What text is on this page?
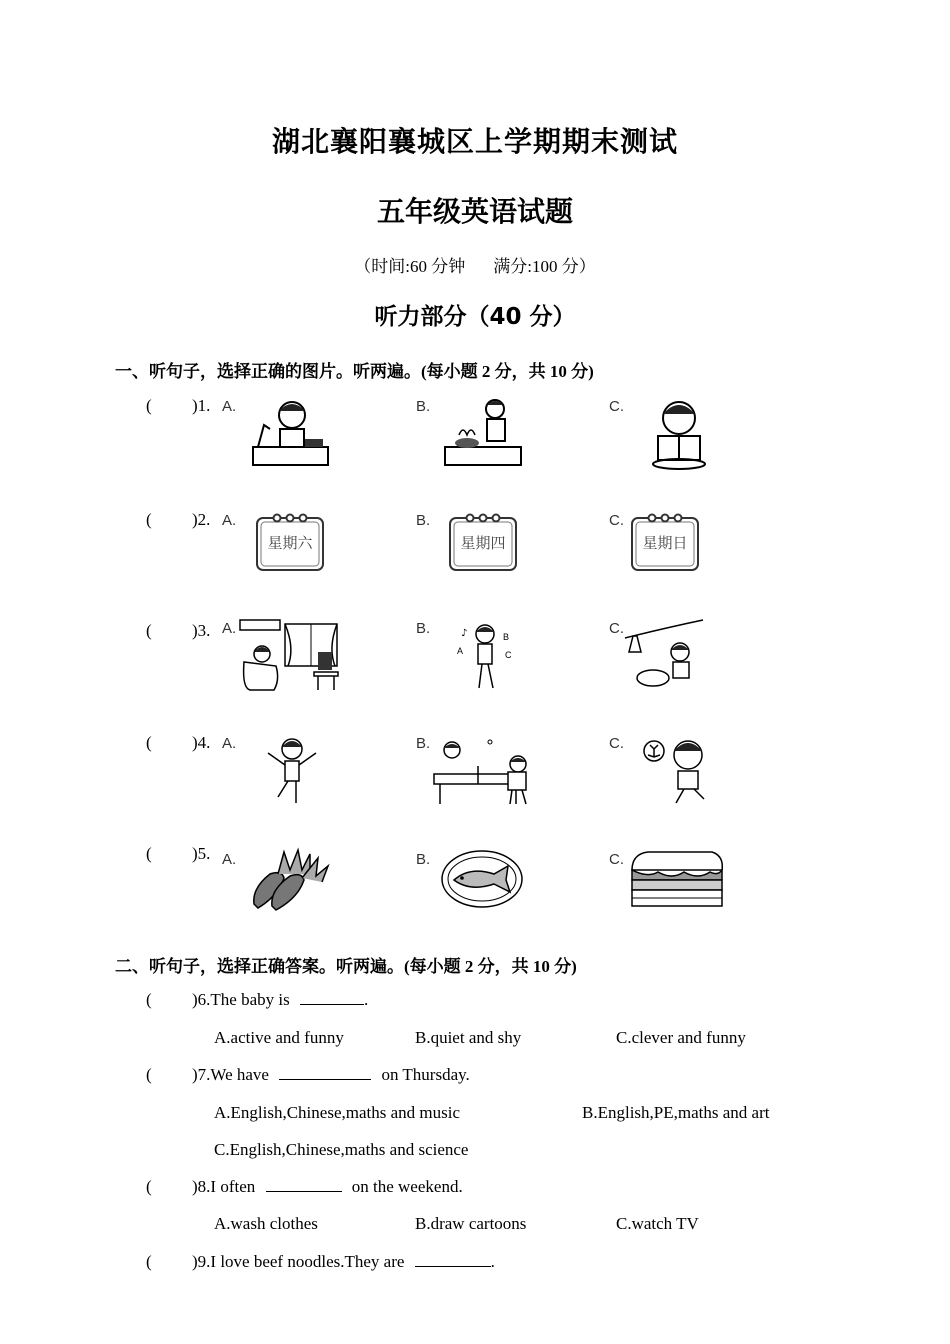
湖北襄阳襄城区上学期期末测试
五年级英语试题
（时间:60 分钟 满分:100 分）
听力部分（40 分）
一、听句子，选择正确的图片。听两遍。(每小题 2 分，共 10 分)
( )1. A.	B.	C.
( )2. A.	B.	C.
星期六	星期四	星期日
( )3. A.	B.	C.
A
B
C
♪
( )4. A.	B.	C.
( )5. A.	B.	C.
二、听句子，选择正确答案。听两遍。(每小题 2 分，共 10 分)
( )6.The baby is	.
A.active and funny	B.quiet and shy	C.clever and funny
( )7.We have	on Thursday.
A.English,Chinese,maths and music	B.English,PE,maths and art
C.English,Chinese,maths and science
( )8.I often	on the weekend.
A.wash clothes	B.draw cartoons	C.watch TV
( )9.I love beef noodles.They are	.
